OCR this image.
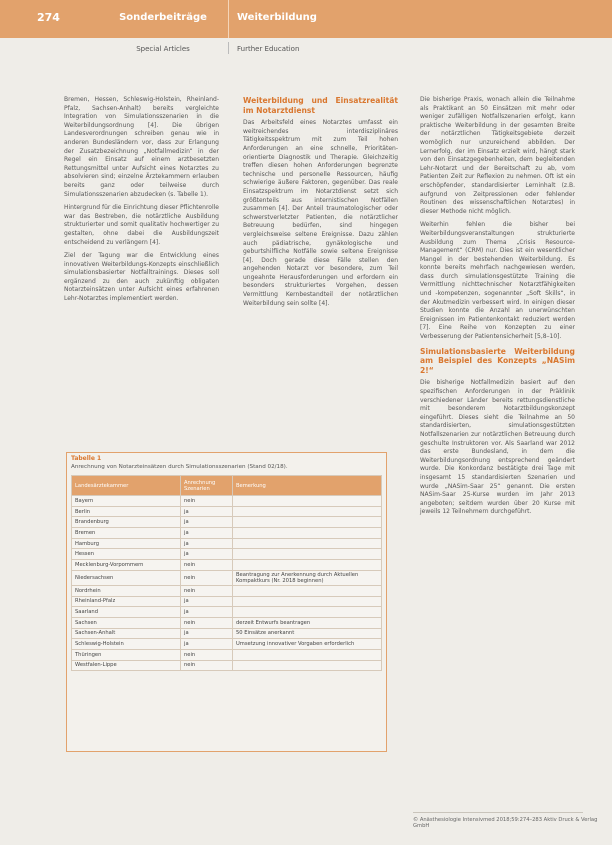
274	Sonderbeiträge	Weiterbildung
Special Articles	Further Education

Bremen, Hessen, Schleswig-Holstein, Rheinland-Pfalz, Sachsen-Anhalt) bereits vergleichte Integration von Simulationsszenarien in die Weiterbildungsordnung [4]. Die übrigen Landesverordnungen schreiben genau wie in anderen Bundesländern vor, dass zur Erlangung der Zusatzbezeichnung „Notfallmedizin“ in der Regel ein Einsatz auf einem arztbesetzten Rettungsmittel unter Aufsicht eines Notarztes zu absolvieren sind; einzelne Ärztekammern erlauben bereits ganz oder teilweise durch Simulationsszenarien abzudecken (s. Tabelle 1).

Hintergrund für die Einrichtung dieser Pflichtenrolle war das Bestreben, die notärztliche Ausbildung strukturierter und somit qualitativ hochwertiger zu gestalten, ohne dabei die Ausbildungszeit entscheidend zu verlängern [4].

Ziel der Tagung war die Entwicklung eines innovativen Weiterbildungs-Konzepts einschließlich simulationsbasierter Notfalltrainings. Dieses soll ergänzend zu den auch zukünftig obligaten Notarzteinsätzen unter Aufsicht eines erfahrenen Lehr-Notarztes implementiert werden.

Weiterbildung und Einsatzrealität im Notarztdienst

Das Arbeitsfeld eines Notarztes umfasst ein weitreichendes interdisziplinäres Tätigkeitsspektrum mit zum Teil hohen Anforderungen an eine schnelle, Prioritäten-orientierte Diagnostik und Therapie. Gleichzeitig treffen diesen hohen Anforderungen begrenzte technische und personelle Ressourcen, häufig schwierige äußere Faktoren, gegenüber. Das reale Einsatzspektrum im Notarztdienst setzt sich größtenteils aus internistischen Notfällen zusammen [4]. Der Anteil traumatologischer oder schwerstverletzter Patienten, die notärztlicher Betreuung bedürfen, sind hingegen vergleichsweise seltene Ereignisse. Dazu zählen auch pädiatrische, gynäkologische und geburtshilfliche Notfälle sowie seltene Ereignisse [4]. Doch gerade diese Fälle stellen den angehenden Notarzt vor besondere, zum Teil ungeahnte Herausforderungen und erfordern ein besonders strukturiertes Vorgehen, dessen Vermittlung Kernbestandteil der notärztlichen Weiterbildung sein sollte [4].

Die bisherige Praxis, wonach allein die Teilnahme als Praktikant an 50 Einsätzen mit mehr oder weniger zufälligen Notfallszenarien erfolgt, kann praktische Weiterbildung in der gesamten Breite der notärztlichen Tätigkeitsgebiete derzeit womöglich nur unzureichend abbilden. Der Lernerfolg, der im Einsatz erzielt wird, hängt stark von den Einsatzgegebenheiten, dem begleitenden Lehr-Notarzt und der Bereitschaft zu ab, vom Patienten Zeit zur Reflexion zu nehmen. Oft ist ein erschöpfender, standardisierter Lerninhalt (z.B. aufgrund von Zeitpressionen oder fehlender Routinen des wissenschaftlichen Notarztes) in dieser Methode nicht möglich.

Weiterhin fehlen die bisher bei Weiterbildungsveranstaltungen strukturierte Ausbildung zum Thema „Crisis Resource-Management“ (CRM) nur. Dies ist ein wesentlicher Mangel in der bestehenden Weiterbildung. Es konnte bereits mehrfach nachgewiesen werden, dass durch simulationsgestützte Training die Vermittlung nichttechnischer Notarztfähigkeiten und -kompetenzen, sogenannter „Soft Skills“, in der Akutmedizin verbessert wird. In einigen dieser Studien konnte die Anzahl an unerwünschten Ereignissen im Patientenkontakt reduziert werden [7]. Eine Reihe von Konzepten zu einer Verbesserung der Patientensicherheit [5,8–10].

Simulationsbasierte Weiterbildung am Beispiel des Konzepts „NASim 2!“

Die bisherige Notfallmedizin basiert auf den spezifischen Anforderungen in der Präklinik verschiedener Länder bereits rettungsdienstliche mit besonderem Notarztbildungskonzept eingeführt. Dieses sieht die Teilnahme an 50 standardisierten, simulationsgestützten Notfallszenarien zur notärztlichen Betreuung durch geschulte Instruktoren vor. Als Saarland war 2012 das erste Bundesland, in dem die Weiterbildungsordnung entsprechend geändert wurde. Die Konkordanz bestätigte drei Tage mit insgesamt 15 standardisierten Szenarien und wurde „NASim-Saar 25“ genannt. Die ersten NASim-Saar 25-Kurse wurden im Jahr 2013 angeboten; seitdem wurden über 20 Kurse mit jeweils 12 Teilnehmern durchgeführt.

Tabelle 1
Anrechnung von Notarzteinsätzen durch Simulationsszenarien (Stand 02/18).
Landesärztekammer	Anrechnung Szenarien	Bemerkung
Bayern	nein	
Berlin	ja	
Brandenburg	ja	
Bremen	ja	
Hamburg	ja	
Hessen	ja	
Mecklenburg-Vorpommern	nein	
Niedersachsen	nein	Beantragung zur Anerkennung durch Aktuellen Kompaktkurs (Nr. 2018 beginnen)
Nordrhein	nein	
Rheinland-Pfalz	ja	
Saarland	ja	
Sachsen	nein	derzeit Entwurfs beantragen
Sachsen-Anhalt	ja	50 Einsätze anerkannt
Schleswig-Holstein	ja	Umsetzung innovativer Vorgaben erforderlich
Thüringen	nein	
Westfalen-Lippe	nein	
© Anästhesiologie Intensivmed 2018;59:274–283 Aktiv Druck & Verlag GmbH
